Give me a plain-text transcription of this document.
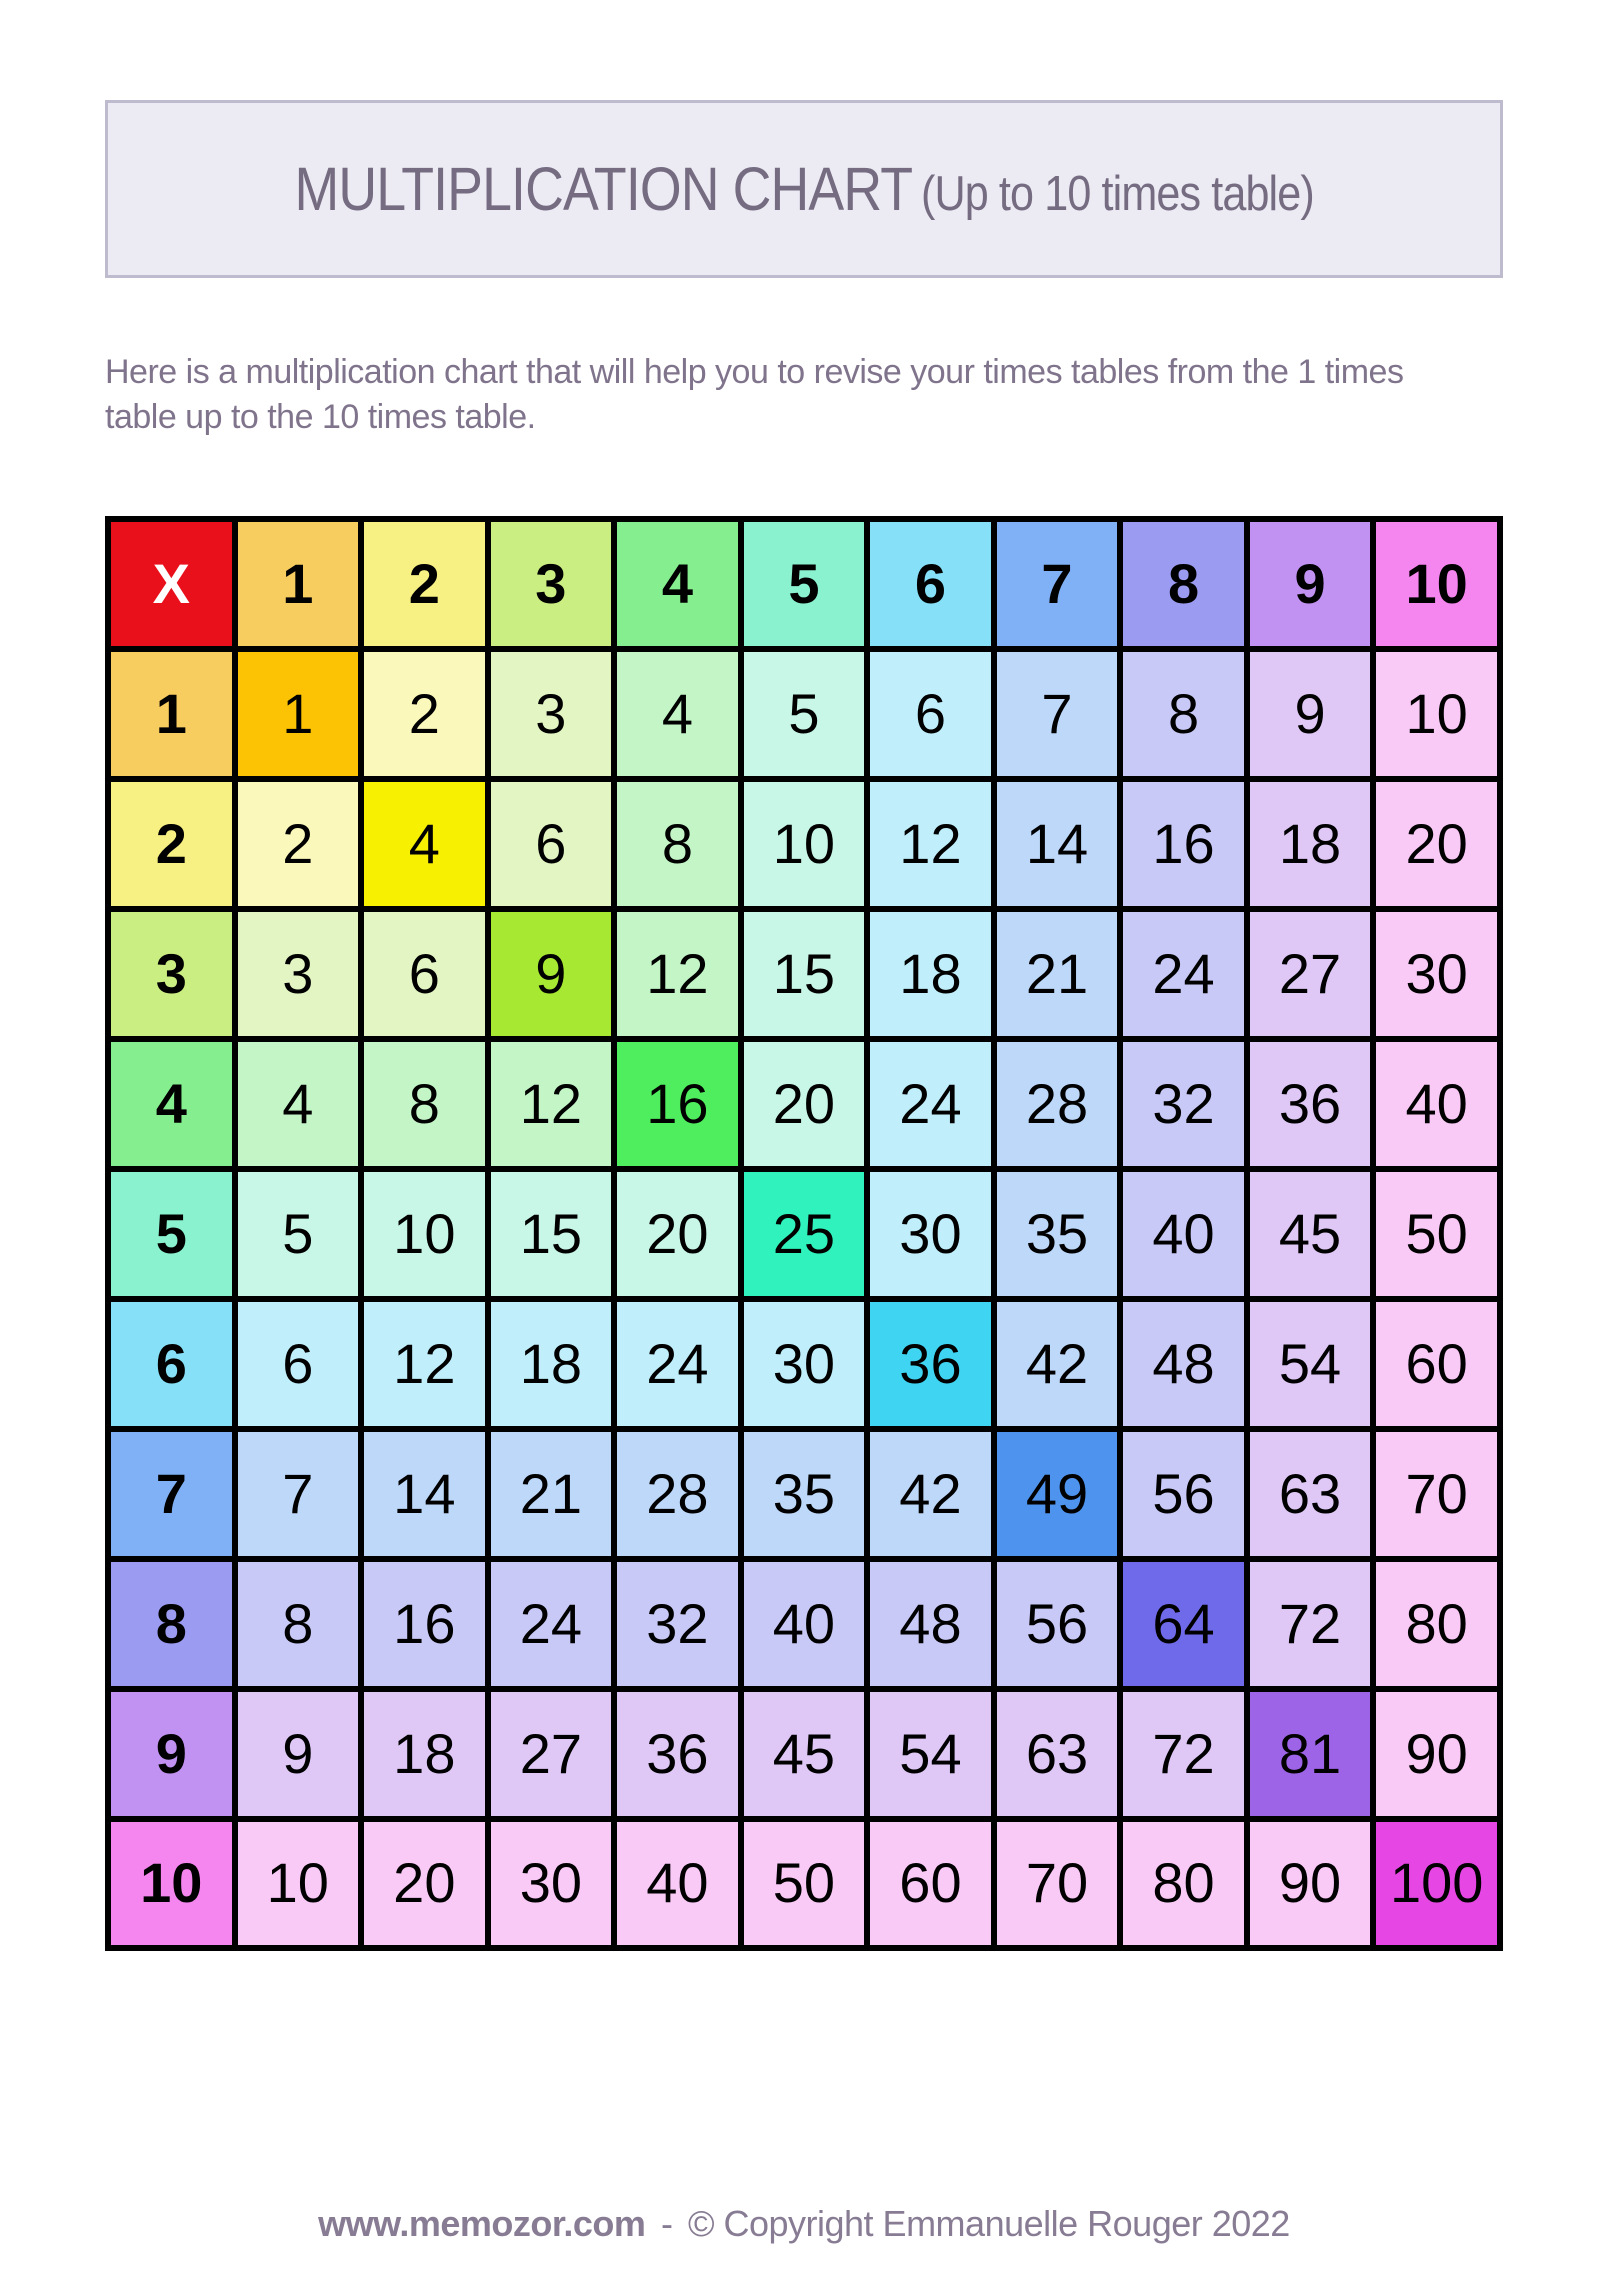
MULTIPLICATION CHART (Up to 10 times table)

Here is a multiplication chart that will help you to revise your times tables from the 1 times table up to the 10 times table.

X	1	2	3	4	5	6	7	8	9	10
1	1	2	3	4	5	6	7	8	9	10
2	2	4	6	8	10	12	14	16	18	20
3	3	6	9	12	15	18	21	24	27	30
4	4	8	12	16	20	24	28	32	36	40
5	5	10	15	20	25	30	35	40	45	50
6	6	12	18	24	30	36	42	48	54	60
7	7	14	21	28	35	42	49	56	63	70
8	8	16	24	32	40	48	56	64	72	80
9	9	18	27	36	45	54	63	72	81	90
10	10	20	30	40	50	60	70	80	90	100
www.memozor.com - © Copyright Emmanuelle Rouger 2022
